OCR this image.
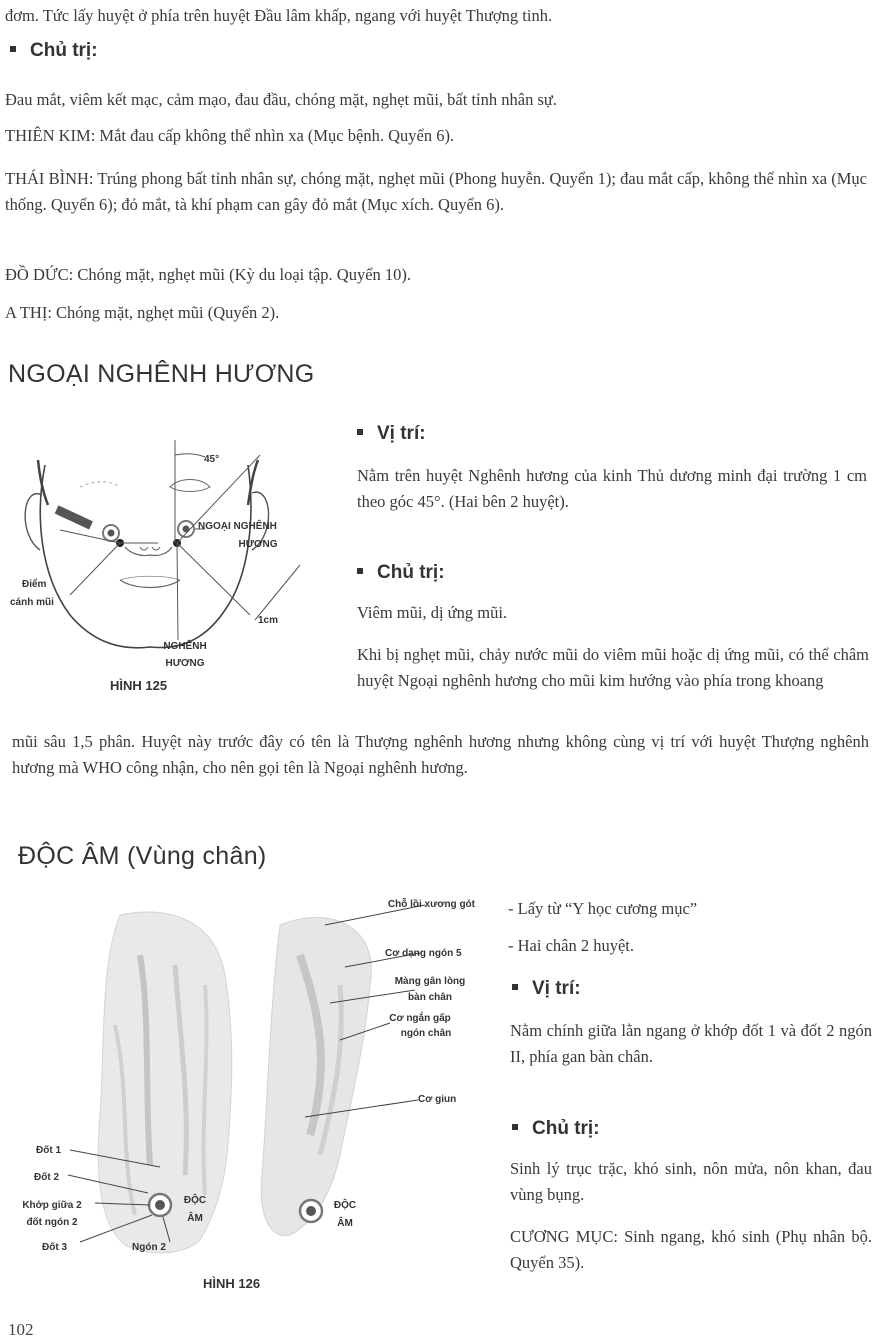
đơm. Tức lấy huyệt ở phía trên huyệt Đầu lâm khấp, ngang với huyệt Thượng tinh.

Chủ trị:

Đau mắt, viêm kết mạc, cảm mạo, đau đầu, chóng mặt, nghẹt mũi, bất tỉnh nhân sự.

THIÊN KIM: Mắt đau cấp không thể nhìn xa (Mục bệnh. Quyển 6).

THÁI BÌNH: Trúng phong bất tỉnh nhân sự, chóng mặt, nghẹt mũi (Phong huyễn. Quyển 1); đau mắt cấp, không thể nhìn xa (Mục thống. Quyển 6); đỏ mắt, tà khí phạm can gây đỏ mắt (Mục xích. Quyển 6).

ĐỒ DỨC: Chóng mặt, nghẹt mũi (Kỳ du loại tập. Quyển 10).

A THỊ: Chóng mặt, nghẹt mũi (Quyển 2).

NGOẠI NGHÊNH HƯƠNG
45°
NGOẠI NGHÊNH
HƯƠNG
Điểm
cánh mũi
1cm
NGHÊNH
HƯƠNG
HÌNH 125
Vị trí:

Nằm trên huyệt Nghênh hương của kinh Thủ dương minh đại trường 1 cm theo góc 45°. (Hai bên 2 huyệt).

Chủ trị:

Viêm mũi, dị ứng mũi.

Khi bị nghẹt mũi, chảy nước mũi do viêm mũi hoặc dị ứng mũi, có thể châm huyệt Ngoại nghênh hương cho mũi kim hướng vào phía trong khoang

mũi sâu 1,5 phân. Huyệt này trước đây có tên là Thượng nghênh hương nhưng không cùng vị trí với huyệt Thượng nghênh hương mà WHO công nhận, cho nên gọi tên là Ngoại nghênh hương.

ĐỘC ÂM (Vùng chân)
Chỗ lồi xương gót
Cơ dạng ngón 5
Màng gân lòng
bàn chân
Cơ ngắn gấp
ngón chân
Cơ giun
Đốt 1
Đốt 2
Khớp giữa 2
đốt ngón 2
Đốt 3	Ngón 2
ĐỘC
ÂM
ĐỘC
ÂM
HÌNH 126

- Lấy từ “Y học cương mục”

- Hai chân 2 huyệt.

Vị trí:

Nằm chính giữa lằn ngang ở khớp đốt 1 và đốt 2 ngón II, phía gan bàn chân.

Chủ trị:

Sinh lý trục trặc, khó sinh, nôn mửa, nôn khan, đau vùng bụng.

CƯƠNG MỤC: Sinh ngang, khó sinh (Phụ nhân bộ. Quyển 35).

102
